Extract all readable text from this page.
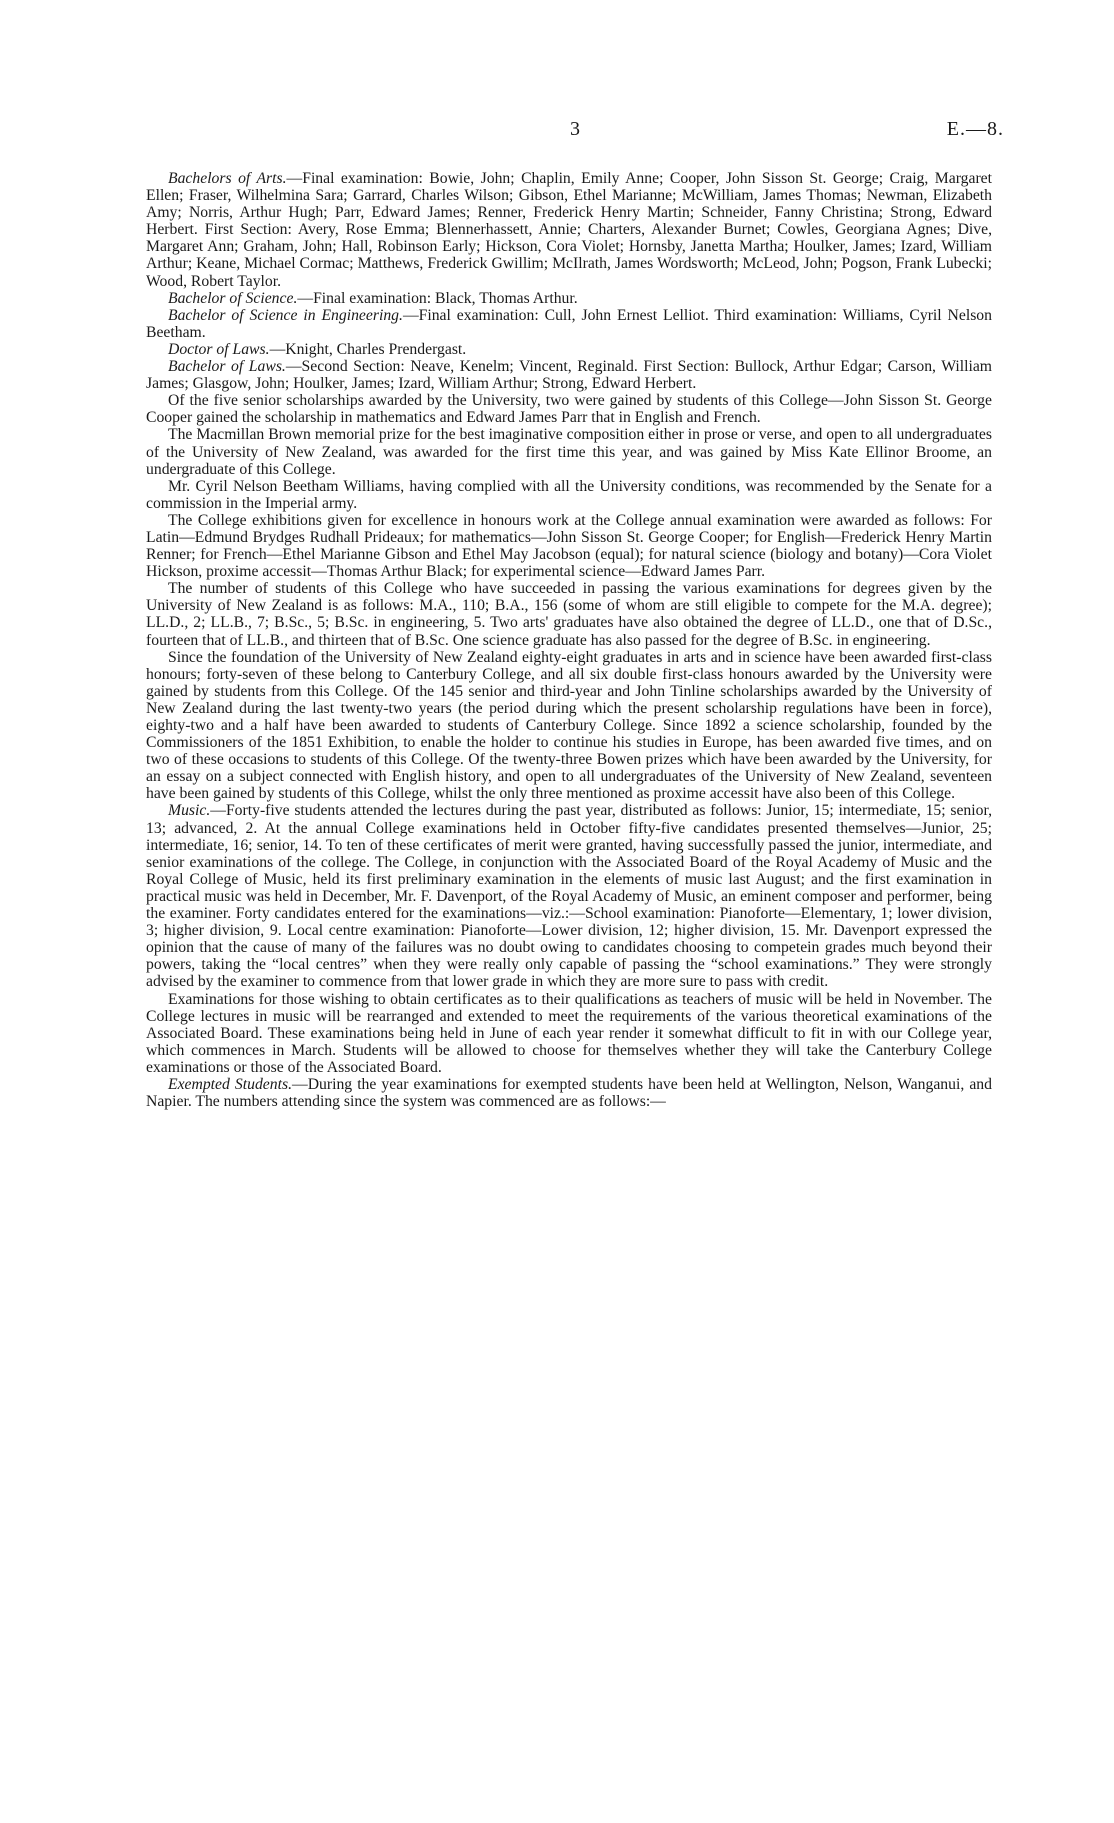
3	E.—8.

Bachelors of Arts.—Final examination: Bowie, John; Chaplin, Emily Anne; Cooper, John Sisson St. George; Craig, Margaret Ellen; Fraser, Wilhelmina Sara; Garrard, Charles Wilson; Gibson, Ethel Marianne; McWilliam, James Thomas; Newman, Elizabeth Amy; Norris, Arthur Hugh; Parr, Edward James; Renner, Frederick Henry Martin; Schneider, Fanny Christina; Strong, Edward Herbert. First Section: Avery, Rose Emma; Blennerhassett, Annie; Charters, Alexander Burnet; Cowles, Georgiana Agnes; Dive, Margaret Ann; Graham, John; Hall, Robinson Early; Hickson, Cora Violet; Hornsby, Janetta Martha; Houlker, James; Izard, William Arthur; Keane, Michael Cormac; Matthews, Frederick Gwillim; McIlrath, James Wordsworth; McLeod, John; Pogson, Frank Lubecki; Wood, Robert Taylor.

Bachelor of Science.—Final examination: Black, Thomas Arthur.

Bachelor of Science in Engineering.—Final examination: Cull, John Ernest Lelliot. Third examination: Williams, Cyril Nelson Beetham.

Doctor of Laws.—Knight, Charles Prendergast.

Bachelor of Laws.—Second Section: Neave, Kenelm; Vincent, Reginald. First Section: Bullock, Arthur Edgar; Carson, William James; Glasgow, John; Houlker, James; Izard, William Arthur; Strong, Edward Herbert.

Of the five senior scholarships awarded by the University, two were gained by students of this College—John Sisson St. George Cooper gained the scholarship in mathematics and Edward James Parr that in English and French.

The Macmillan Brown memorial prize for the best imaginative composition either in prose or verse, and open to all undergraduates of the University of New Zealand, was awarded for the first time this year, and was gained by Miss Kate Ellinor Broome, an undergraduate of this College.

Mr. Cyril Nelson Beetham Williams, having complied with all the University conditions, was recommended by the Senate for a commission in the Imperial army.

The College exhibitions given for excellence in honours work at the College annual examination were awarded as follows: For Latin—Edmund Brydges Rudhall Prideaux; for mathematics—John Sisson St. George Cooper; for English—Frederick Henry Martin Renner; for French—Ethel Marianne Gibson and Ethel May Jacobson (equal); for natural science (biology and botany)—Cora Violet Hickson, proxime accessit—Thomas Arthur Black; for experimental science—Edward James Parr.

The number of students of this College who have succeeded in passing the various examinations for degrees given by the University of New Zealand is as follows: M.A., 110; B.A., 156 (some of whom are still eligible to compete for the M.A. degree); LL.D., 2; LL.B., 7; B.Sc., 5; B.Sc. in engineering, 5. Two arts' graduates have also obtained the degree of LL.D., one that of D.Sc., fourteen that of LL.B., and thirteen that of B.Sc. One science graduate has also passed for the degree of B.Sc. in engineering.

Since the foundation of the University of New Zealand eighty-eight graduates in arts and in science have been awarded first-class honours; forty-seven of these belong to Canterbury College, and all six double first-class honours awarded by the University were gained by students from this College. Of the 145 senior and third-year and John Tinline scholarships awarded by the University of New Zealand during the last twenty-two years (the period during which the present scholarship regulations have been in force), eighty-two and a half have been awarded to students of Canterbury College. Since 1892 a science scholarship, founded by the Commissioners of the 1851 Exhibition, to enable the holder to continue his studies in Europe, has been awarded five times, and on two of these occasions to students of this College. Of the twenty-three Bowen prizes which have been awarded by the University, for an essay on a subject connected with English history, and open to all undergraduates of the University of New Zealand, seventeen have been gained by students of this College, whilst the only three mentioned as proxime accessit have also been of this College.

Music.—Forty-five students attended the lectures during the past year, distributed as follows: Junior, 15; intermediate, 15; senior, 13; advanced, 2. At the annual College examinations held in October fifty-five candidates presented themselves—Junior, 25; intermediate, 16; senior, 14. To ten of these certificates of merit were granted, having successfully passed the junior, intermediate, and senior examinations of the college. The College, in conjunction with the Associated Board of the Royal Academy of Music and the Royal College of Music, held its first preliminary examination in the elements of music last August; and the first examination in practical music was held in December, Mr. F. Davenport, of the Royal Academy of Music, an eminent composer and performer, being the examiner. Forty candidates entered for the examinations—viz.:—School examination: Pianoforte—Elementary, 1; lower division, 3; higher division, 9. Local centre examination: Pianoforte—Lower division, 12; higher division, 15. Mr. Davenport expressed the opinion that the cause of many of the failures was no doubt owing to candidates choosing to competein grades much beyond their powers, taking the “local centres” when they were really only capable of passing the “school examinations.” They were strongly advised by the examiner to commence from that lower grade in which they are more sure to pass with credit.

Examinations for those wishing to obtain certificates as to their qualifications as teachers of music will be held in November. The College lectures in music will be rearranged and extended to meet the requirements of the various theoretical examinations of the Associated Board. These examinations being held in June of each year render it somewhat difficult to fit in with our College year, which commences in March. Students will be allowed to choose for themselves whether they will take the Canterbury College examinations or those of the Associated Board.

Exempted Students.—During the year examinations for exempted students have been held at Wellington, Nelson, Wanganui, and Napier. The numbers attending since the system was commenced are as follows:—
